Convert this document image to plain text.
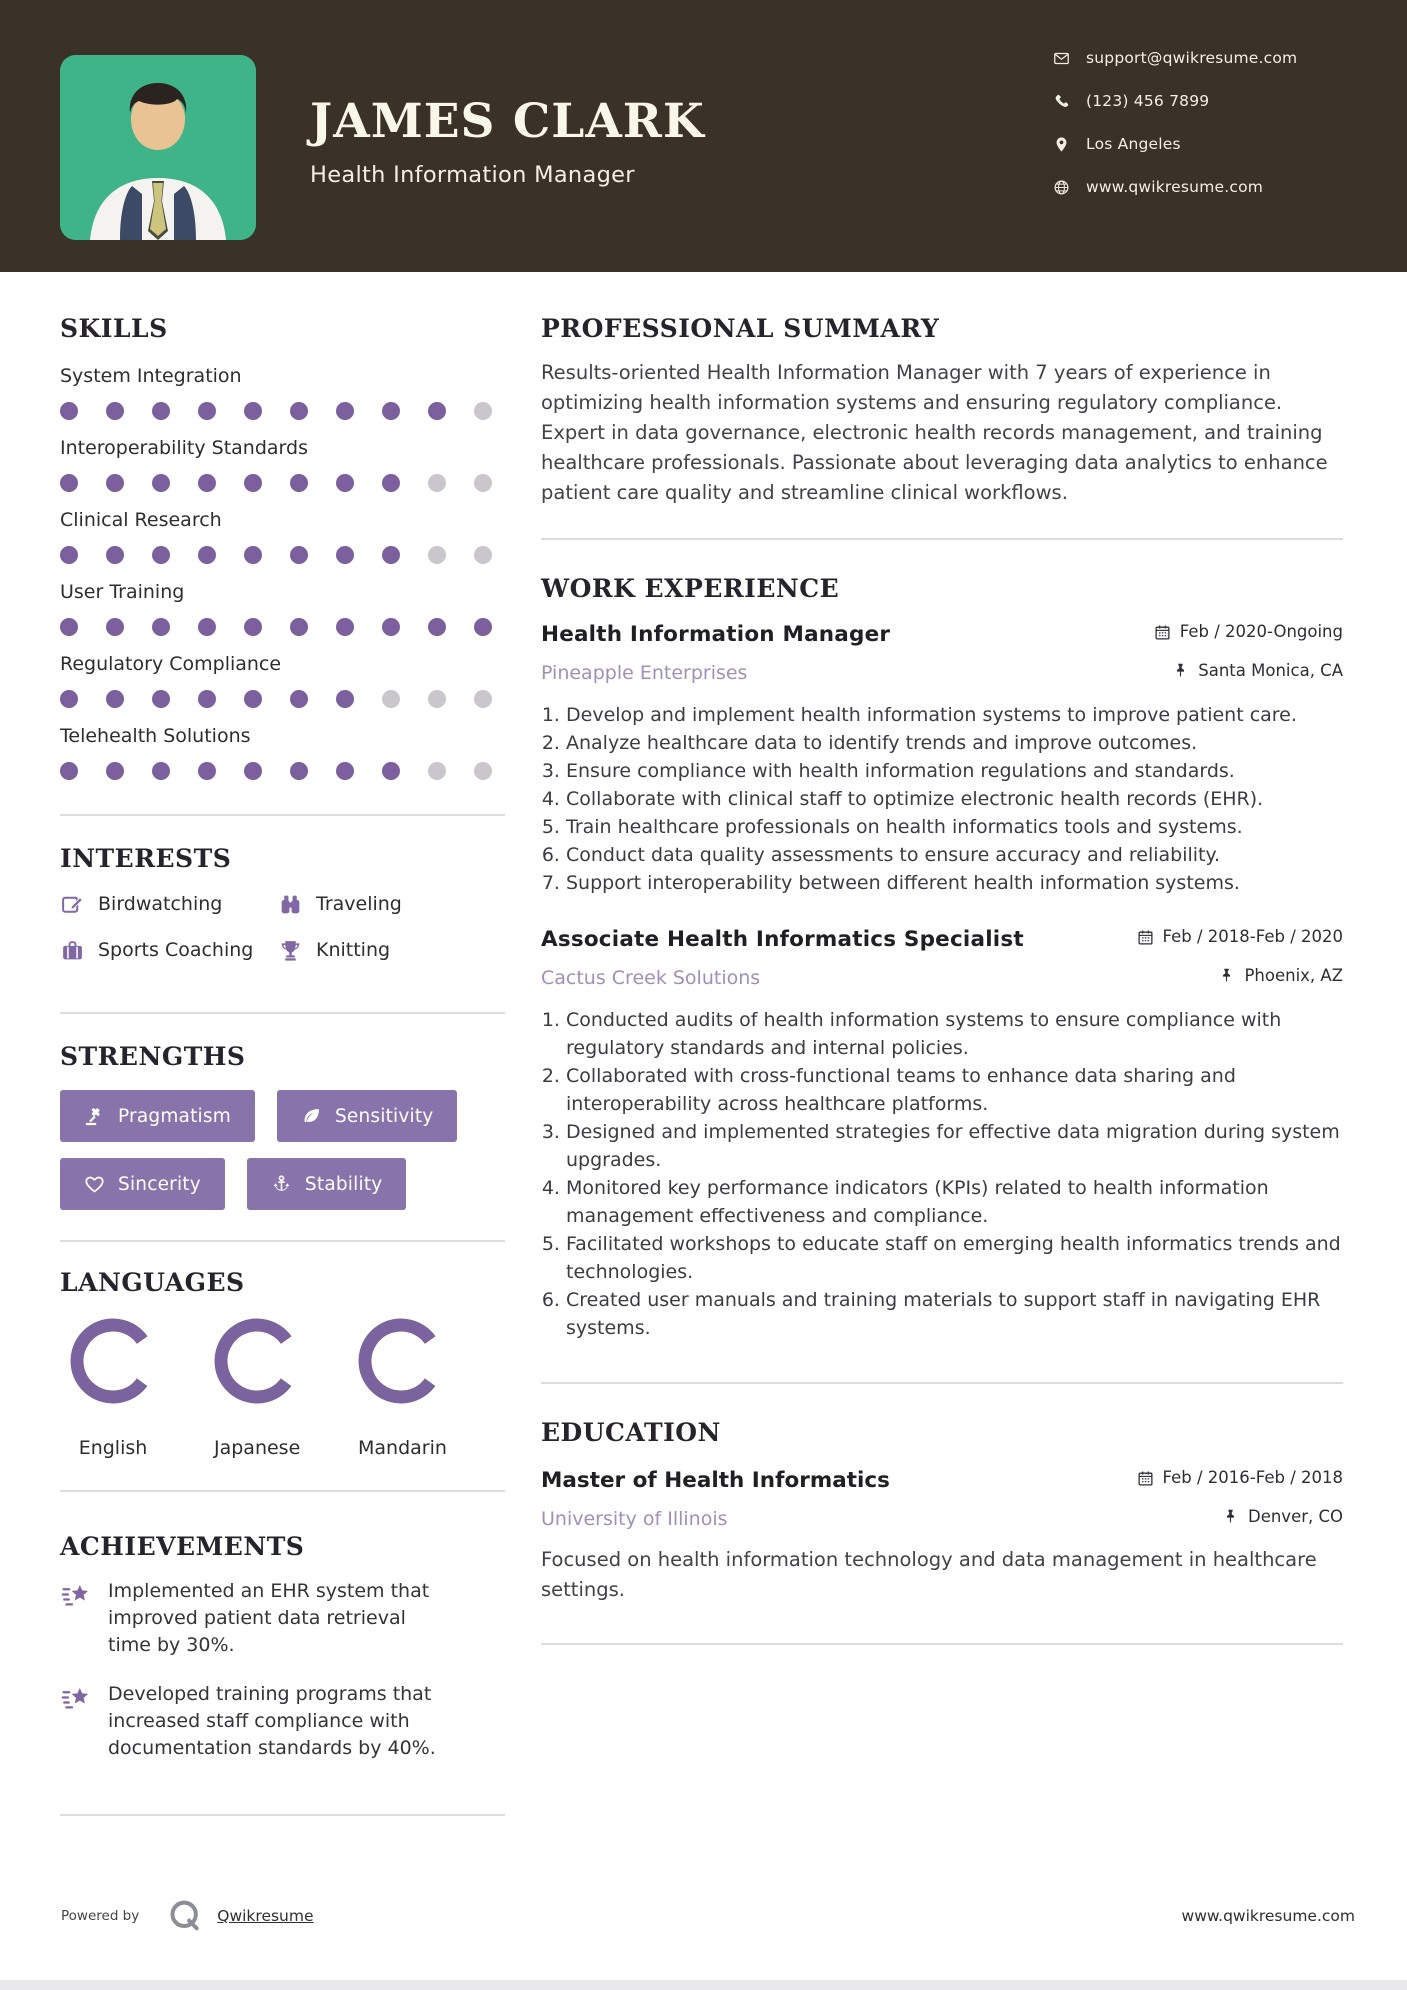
JAMES CLARK
Health Information Manager
support@qwikresume.com
(123) 456 7899
Los Angeles
www.qwikresume.com
SKILLS
System Integration
Interoperability Standards
Clinical Research
User Training
Regulatory Compliance
Telehealth Solutions
INTERESTS
Birdwatching	Traveling
Sports Coaching	Knitting
STRENGTHS
Pragmatism	Sensitivity
Sincerity	Stability
LANGUAGES
English	Japanese	Mandarin
ACHIEVEMENTS
Implemented an EHR system that improved patient data retrieval time by 30%.
Developed training programs that increased staff compliance with documentation standards by 40%.
PROFESSIONAL SUMMARY

Results-oriented Health Information Manager with 7 years of experience in optimizing health information systems and ensuring regulatory compliance. Expert in data governance, electronic health records management, and training healthcare professionals. Passionate about leveraging data analytics to enhance patient care quality and streamline clinical workflows.

WORK EXPERIENCE
Health Information Manager	Feb / 2020-Ongoing
Pineapple Enterprises	Santa Monica, CA
1. Develop and implement health information systems to improve patient care.
2. Analyze healthcare data to identify trends and improve outcomes.
3. Ensure compliance with health information regulations and standards.
4. Collaborate with clinical staff to optimize electronic health records (EHR).
5. Train healthcare professionals on health informatics tools and systems.
6. Conduct data quality assessments to ensure accuracy and reliability.
7. Support interoperability between different health information systems.
Associate Health Informatics Specialist	Feb / 2018-Feb / 2020
Cactus Creek Solutions	Phoenix, AZ
1. Conducted audits of health information systems to ensure compliance with regulatory standards and internal policies.
2. Collaborated with cross-functional teams to enhance data sharing and interoperability across healthcare platforms.
3. Designed and implemented strategies for effective data migration during system upgrades.
4. Monitored key performance indicators (KPIs) related to health information management effectiveness and compliance.
5. Facilitated workshops to educate staff on emerging health informatics trends and technologies.
6. Created user manuals and training materials to support staff in navigating EHR systems.
EDUCATION
Master of Health Informatics	Feb / 2016-Feb / 2018
University of Illinois	Denver, CO

Focused on health information technology and data management in healthcare settings.

Powered by	Qwikresume	www.qwikresume.com
